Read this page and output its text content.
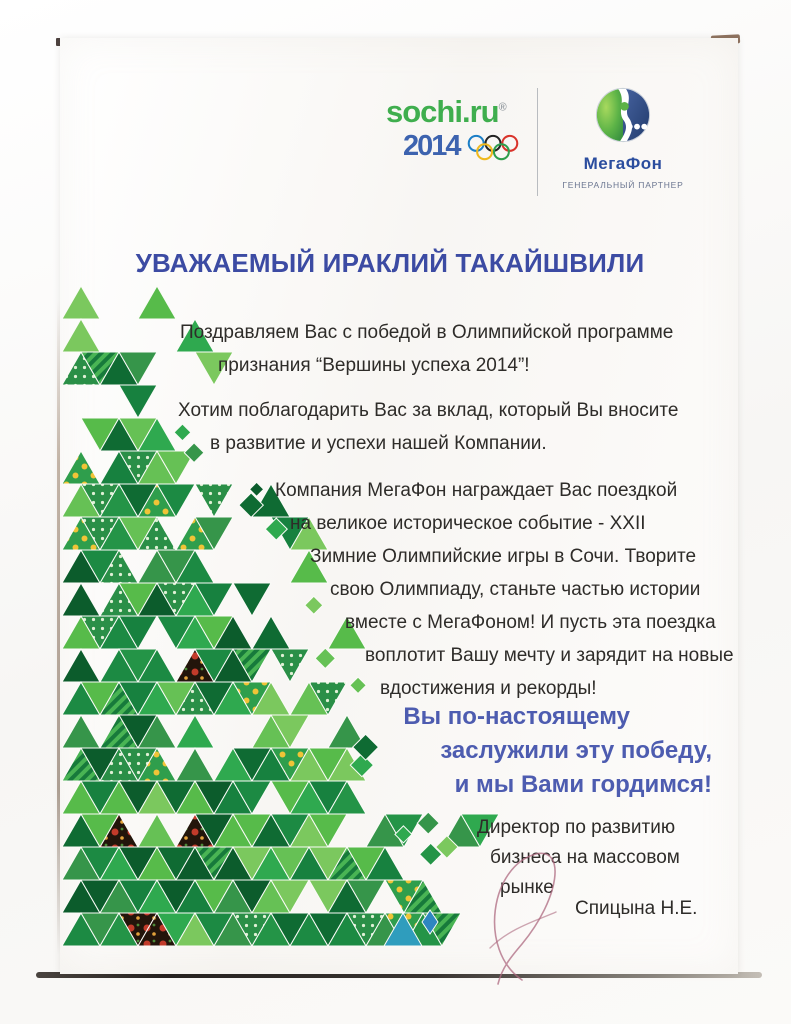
sochi.ru®
2014
МегаФон
ГЕНЕРАЛЬНЫЙ ПАРТНЕР
УВАЖАЕМЫЙ ИРАКЛИЙ ТАКАЙШВИЛИ
Поздравляем Вас с победой в Олимпийской программе
признания “Вершины успеха 2014”!
Хотим поблагодарить Вас за вклад, который Вы вносите
в развитие и успехи нашей Компании.
Компания МегаФон награждает Вас поездкой
на великое историческое событие - XXII
Зимние Олимпийские игры в Сочи. Творите
свою Олимпиаду, станьте частью истории
вместе с МегаФоном! И пусть эта поездка
воплотит Вашу мечту и зарядит на новые
вдостижения и рекорды!
Вы по-настоящему
заслужили эту победу,
и мы Вами гордимся!
Директор по развитию
бизнеса на массовом
рынке
Спицына Н.Е.
